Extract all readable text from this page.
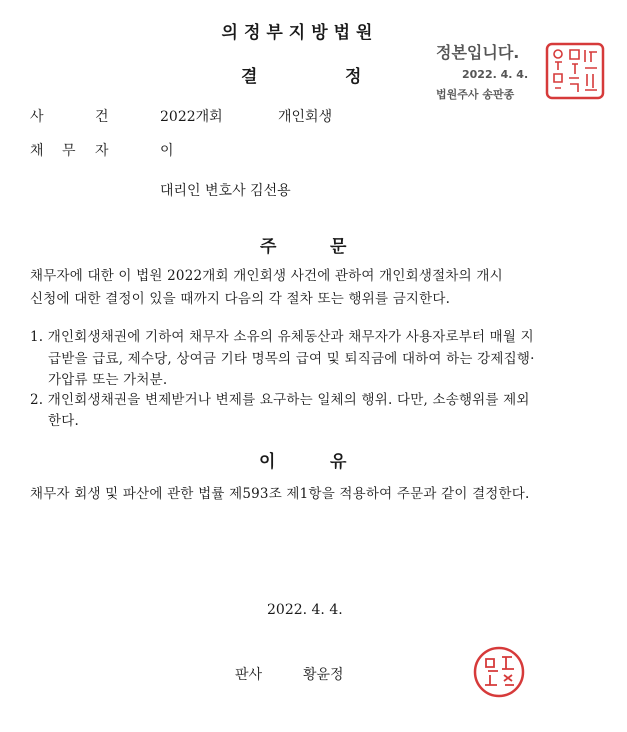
의정부지방법원
결	정
정본입니다.
2022. 4. 4.
법원주사 송판종
사	건	2022개회	개인회생
채 무 자	이
대리인 변호사 김선용
주	문
채무자에 대한 이 법원 2022개회 개인회생 사건에 관하여 개인회생절차의 개시
신청에 대한 결정이 있을 때까지 다음의 각 절차 또는 행위를 금지한다.
1. 개인회생채권에 기하여 채무자 소유의 유체동산과 채무자가 사용자로부터 매월 지
급받을 급료, 제수당, 상여금 기타 명목의 급여 및 퇴직금에 대하여 하는 강제집행·
가압류 또는 가처분.
2. 개인회생채권을 변제받거나 변제를 요구하는 일체의 행위. 다만, 소송행위를 제외
한다.
이	유
채무자 회생 및 파산에 관한 법률 제593조 제1항을 적용하여 주문과 같이 결정한다.
2022. 4. 4.
판사	황윤정
